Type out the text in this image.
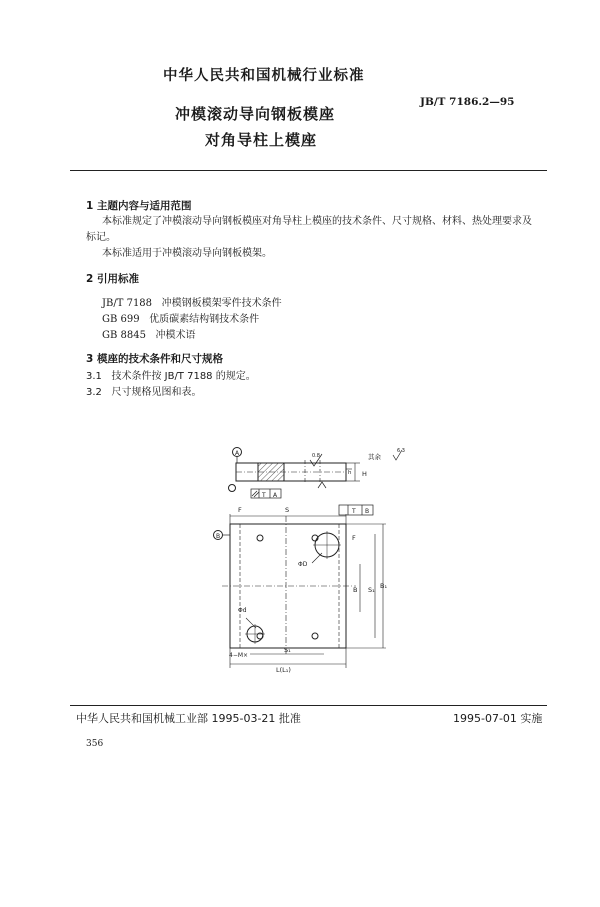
中华人民共和国机械行业标准
JB/T 7186.2—95
冲模滚动导向钢板模座
对角导柱上模座
1 主题内容与适用范围
本标准规定了冲模滚动导向钢板模座对角导柱上模座的技术条件、尺寸规格、材料、热处理要求及
标记。
本标准适用于冲模滚动导向钢板模架。
2 引用标准
JB/T 7188 冲模钢板模架零件技术条件
GB 699 优质碳素结构钢技术条件
GB 8845 冲模术语
3 模座的技术条件和尺寸规格
3.1 技术条件按 JB/T 7188 的规定。
3.2 尺寸规格见图和表。
A
B
A
T
T B
其余
6.3
0.8
H
h
F	S
B₁
S₁
B
S₁
L(L₁)
ΦD
Φd
4−M×
F
中华人民共和国机械工业部 1995-03-21 批准	1995-07-01 实施
356
